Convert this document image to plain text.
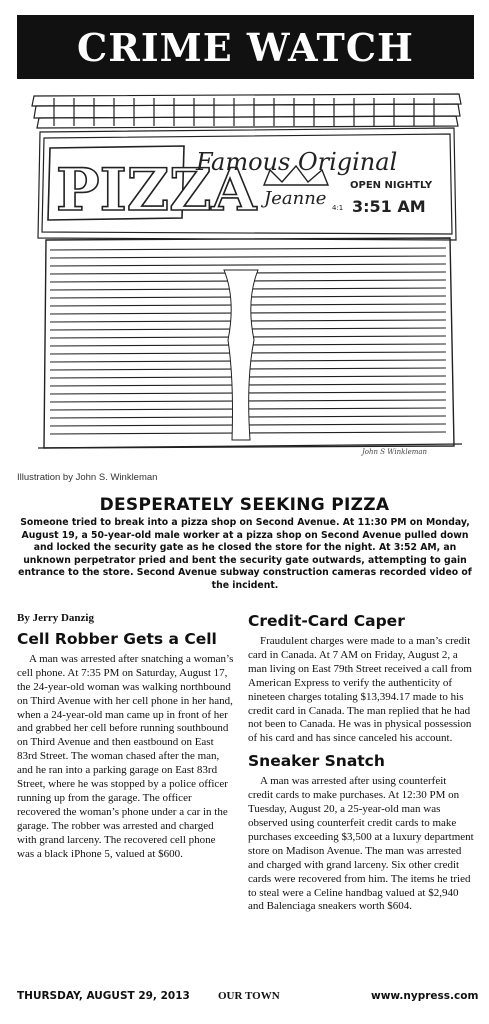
CRIME WATCH
PIZZA
Famous Original
Jeanne
OPEN NIGHTLY
4:1 3:51 AM
John S Winkleman
Illustration by John S. Winkleman
DESPERATELY SEEKING PIZZA
Someone tried to break into a pizza shop on Second Avenue. At 11:30 PM on Monday, August 19, a 50-year-old male worker at a pizza shop on Second Avenue pulled down and locked the security gate as he closed the store for the night. At 3:52 AM, an unknown perpetrator pried and bent the security gate outwards, attempting to gain entrance to the store. Second Avenue subway construction cameras recorded video of the incident.
By Jerry Danzig
Cell Robber Gets a Cell

A man was arrested after snatching a woman’s cell phone. At 7:35 PM on Saturday, August 17, the 24-year-old woman was walking northbound on Third Avenue with her cell phone in her hand, when a 24-year-old man came up in front of her and grabbed her cell before running southbound on Third Avenue and then eastbound on East 83rd Street. The woman chased after the man, and he ran into a parking garage on East 83rd Street, where he was stopped by a police officer running up from the garage. The officer recovered the woman’s phone under a car in the garage. The robber was arrested and charged with grand larceny. The recovered cell phone was a black iPhone 5, valued at $600.

Credit-Card Caper

Fraudulent charges were made to a man’s credit card in Canada. At 7 AM on Friday, August 2, a man living on East 79th Street received a call from American Express to verify the authenticity of nineteen charges totaling $13,394.17 made to his credit card in Canada. The man replied that he had not been to Canada. He was in physical possession of his card and has since canceled his account.

Sneaker Snatch

A man was arrested after using counterfeit credit cards to make purchases. At 12:30 PM on Tuesday, August 20, a 25-year-old man was observed using counterfeit credit cards to make purchases exceeding $3,500 at a luxury department store on Madison Avenue. The man was arrested and charged with grand larceny. Six other credit cards were recovered from him. The items he tried to steal were a Celine handbag valued at $2,940 and Balenciaga sneakers worth $604.

THURSDAY, AUGUST 29, 2013	OUR TOWN	www.nypress.com
